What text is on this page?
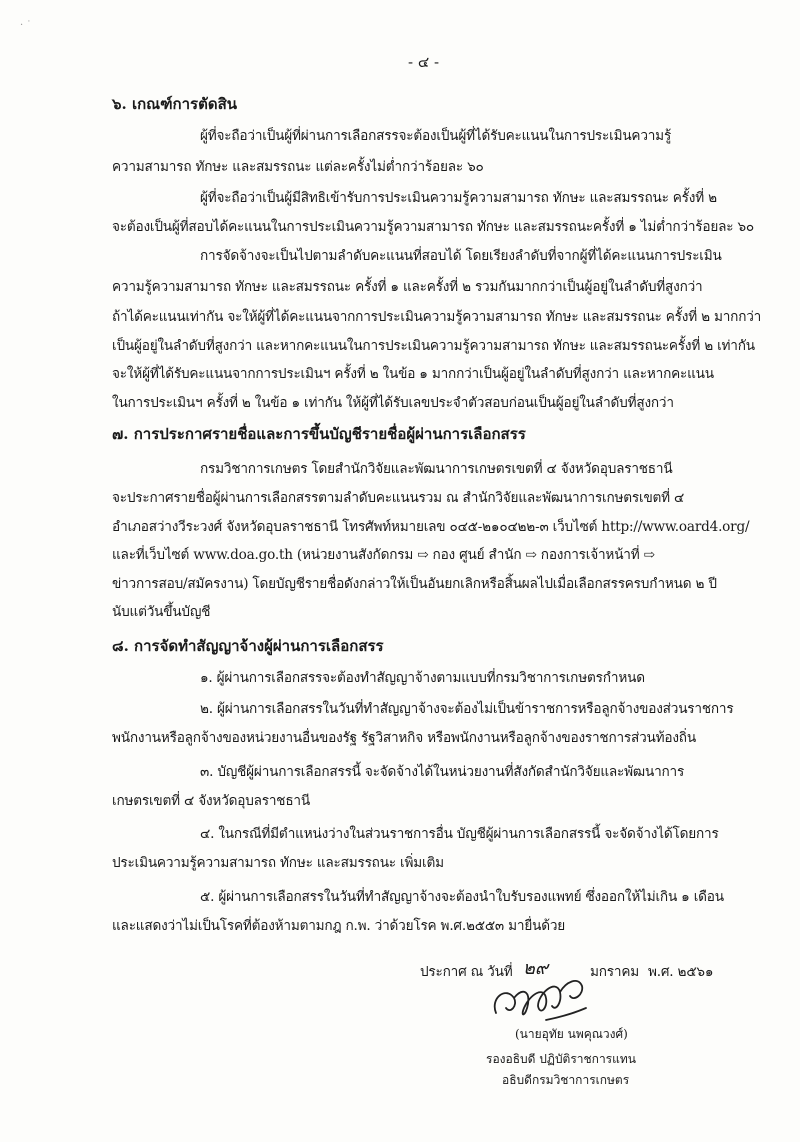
· ˙
- ๔ -
๖. เกณฑ์การตัดสิน
ผู้ที่จะถือว่าเป็นผู้ที่ผ่านการเลือกสรรจะต้องเป็นผู้ที่ได้รับคะแนนในการประเมินความรู้
ความสามารถ ทักษะ และสมรรถนะ แต่ละครั้งไม่ต่ำกว่าร้อยละ ๖๐
ผู้ที่จะถือว่าเป็นผู้มีสิทธิเข้ารับการประเมินความรู้ความสามารถ ทักษะ และสมรรถนะ ครั้งที่ ๒
จะต้องเป็นผู้ที่สอบได้คะแนนในการประเมินความรู้ความสามารถ ทักษะ และสมรรถนะครั้งที่ ๑ ไม่ต่ำกว่าร้อยละ ๖๐
การจัดจ้างจะเป็นไปตามลำดับคะแนนที่สอบได้ โดยเรียงลำดับที่จากผู้ที่ได้คะแนนการประเมิน
ความรู้ความสามารถ ทักษะ และสมรรถนะ ครั้งที่ ๑ และครั้งที่ ๒ รวมกันมากกว่าเป็นผู้อยู่ในลำดับที่สูงกว่า
ถ้าได้คะแนนเท่ากัน จะให้ผู้ที่ได้คะแนนจากการประเมินความรู้ความสามารถ ทักษะ และสมรรถนะ ครั้งที่ ๒ มากกว่า
เป็นผู้อยู่ในลำดับที่สูงกว่า และหากคะแนนในการประเมินความรู้ความสามารถ ทักษะ และสมรรถนะครั้งที่ ๒ เท่ากัน
จะให้ผู้ที่ได้รับคะแนนจากการประเมินฯ ครั้งที่ ๒ ในข้อ ๑ มากกว่าเป็นผู้อยู่ในลำดับที่สูงกว่า และหากคะแนน
ในการประเมินฯ ครั้งที่ ๒ ในข้อ ๑ เท่ากัน ให้ผู้ที่ได้รับเลขประจำตัวสอบก่อนเป็นผู้อยู่ในลำดับที่สูงกว่า
๗. การประกาศรายชื่อและการขึ้นบัญชีรายชื่อผู้ผ่านการเลือกสรร
กรมวิชาการเกษตร โดยสำนักวิจัยและพัฒนาการเกษตรเขตที่ ๔ จังหวัดอุบลราชธานี
จะประกาศรายชื่อผู้ผ่านการเลือกสรรตามลำดับคะแนนรวม ณ สำนักวิจัยและพัฒนาการเกษตรเขตที่ ๔
อำเภอสว่างวีระวงศ์ จังหวัดอุบลราชธานี โทรศัพท์หมายเลข ๐๔๕-๒๑๐๔๒๒-๓ เว็บไซต์ http://www.oard4.org/
และที่เว็บไซต์ www.doa.go.th (หน่วยงานสังกัดกรม ⇨ กอง ศูนย์ สำนัก ⇨ กองการเจ้าหน้าที่ ⇨
ข่าวการสอบ/สมัครงาน) โดยบัญชีรายชื่อดังกล่าวให้เป็นอันยกเลิกหรือสิ้นผลไปเมื่อเลือกสรรครบกำหนด ๒ ปี
นับแต่วันขึ้นบัญชี
๘. การจัดทำสัญญาจ้างผู้ผ่านการเลือกสรร
๑. ผู้ผ่านการเลือกสรรจะต้องทำสัญญาจ้างตามแบบที่กรมวิชาการเกษตรกำหนด
๒. ผู้ผ่านการเลือกสรรในวันที่ทำสัญญาจ้างจะต้องไม่เป็นข้าราชการหรือลูกจ้างของส่วนราชการ
พนักงานหรือลูกจ้างของหน่วยงานอื่นของรัฐ รัฐวิสาหกิจ หรือพนักงานหรือลูกจ้างของราชการส่วนท้องถิ่น
๓. บัญชีผู้ผ่านการเลือกสรรนี้ จะจัดจ้างได้ในหน่วยงานที่สังกัดสำนักวิจัยและพัฒนาการ
เกษตรเขตที่ ๔ จังหวัดอุบลราชธานี
๔. ในกรณีที่มีตำแหน่งว่างในส่วนราชการอื่น บัญชีผู้ผ่านการเลือกสรรนี้ จะจัดจ้างได้โดยการ
ประเมินความรู้ความสามารถ ทักษะ และสมรรถนะ เพิ่มเติม
๕. ผู้ผ่านการเลือกสรรในวันที่ทำสัญญาจ้างจะต้องนำใบรับรองแพทย์ ซึ่งออกให้ไม่เกิน ๑ เดือน
และแสดงว่าไม่เป็นโรคที่ต้องห้ามตามกฎ ก.พ. ว่าด้วยโรค พ.ศ.๒๕๕๓ มายื่นด้วย
ประกาศ ณ วันที่ ๒๙	มกราคม พ.ศ. ๒๕๖๑
(นายอุทัย นพคุณวงศ์)
รองอธิบดี ปฏิบัติราชการแทน
อธิบดีกรมวิชาการเกษตร
